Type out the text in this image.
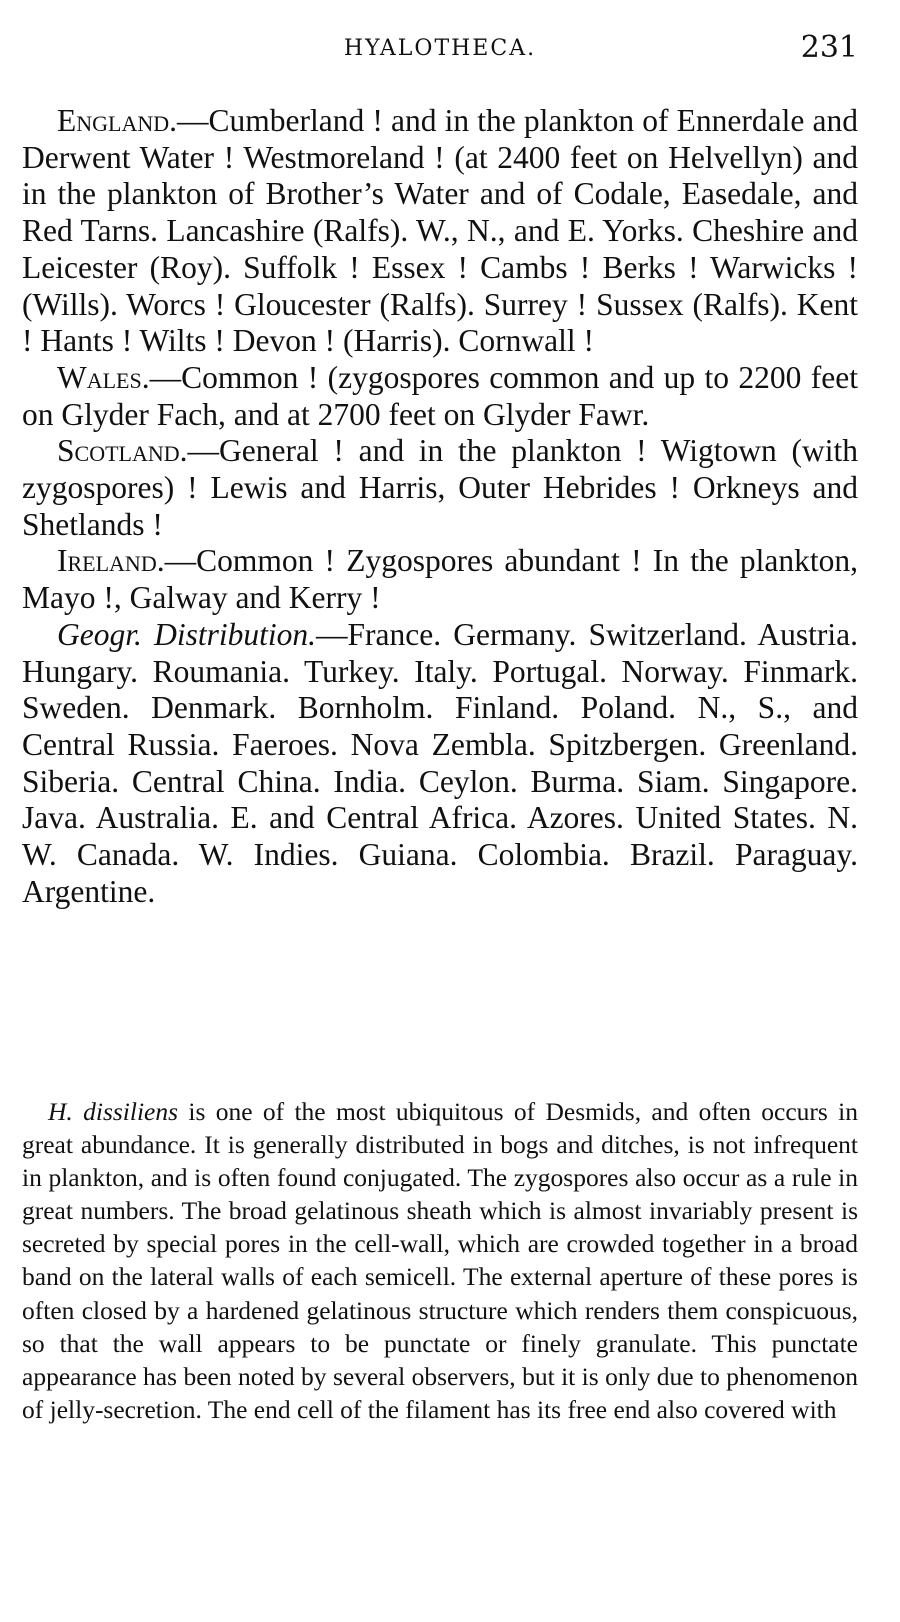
HYALOTHECA.	231

England.—Cumberland ! and in the plankton of Ennerdale and Derwent Water ! Westmoreland ! (at 2400 feet on Helvellyn) and in the plankton of Brother’s Water and of Codale, Easedale, and Red Tarns. Lancashire (Ralfs). W., N., and E. Yorks. Cheshire and Leicester (Roy). Suffolk ! Essex ! Cambs ! Berks ! Warwicks ! (Wills). Worcs ! Gloucester (Ralfs). Surrey ! Sussex (Ralfs). Kent ! Hants ! Wilts ! Devon ! (Harris). Cornwall !

Wales.—Common ! (zygospores common and up to 2200 feet on Glyder Fach, and at 2700 feet on Glyder Fawr.

Scotland.—General ! and in the plankton ! Wigtown (with zygospores) ! Lewis and Harris, Outer Hebrides ! Orkneys and Shetlands !

Ireland.—Common ! Zygospores abundant ! In the plankton, Mayo !, Galway and Kerry !

Geogr. Distribution.—France. Germany. Switzerland. Austria. Hungary. Roumania. Turkey. Italy. Portugal. Norway. Finmark. Sweden. Denmark. Bornholm. Finland. Poland. N., S., and Central Russia. Faeroes. Nova Zembla. Spitzbergen. Greenland. Siberia. Central China. India. Ceylon. Burma. Siam. Singapore. Java. Australia. E. and Central Africa. Azores. United States. N. W. Canada. W. Indies. Guiana. Colombia. Brazil. Paraguay. Argentine.

H. dissiliens is one of the most ubiquitous of Desmids, and often occurs in great abundance. It is generally distributed in bogs and ditches, is not infrequent in plankton, and is often found conjugated. The zygospores also occur as a rule in great numbers. The broad gelatinous sheath which is almost invariably present is secreted by special pores in the cell-wall, which are crowded together in a broad band on the lateral walls of each semicell. The external aperture of these pores is often closed by a hardened gelatinous structure which renders them conspicuous, so that the wall appears to be punctate or finely granulate. This punctate appearance has been noted by several observers, but it is only due to phenomenon of jelly-secretion. The end cell of the filament has its free end also covered with
